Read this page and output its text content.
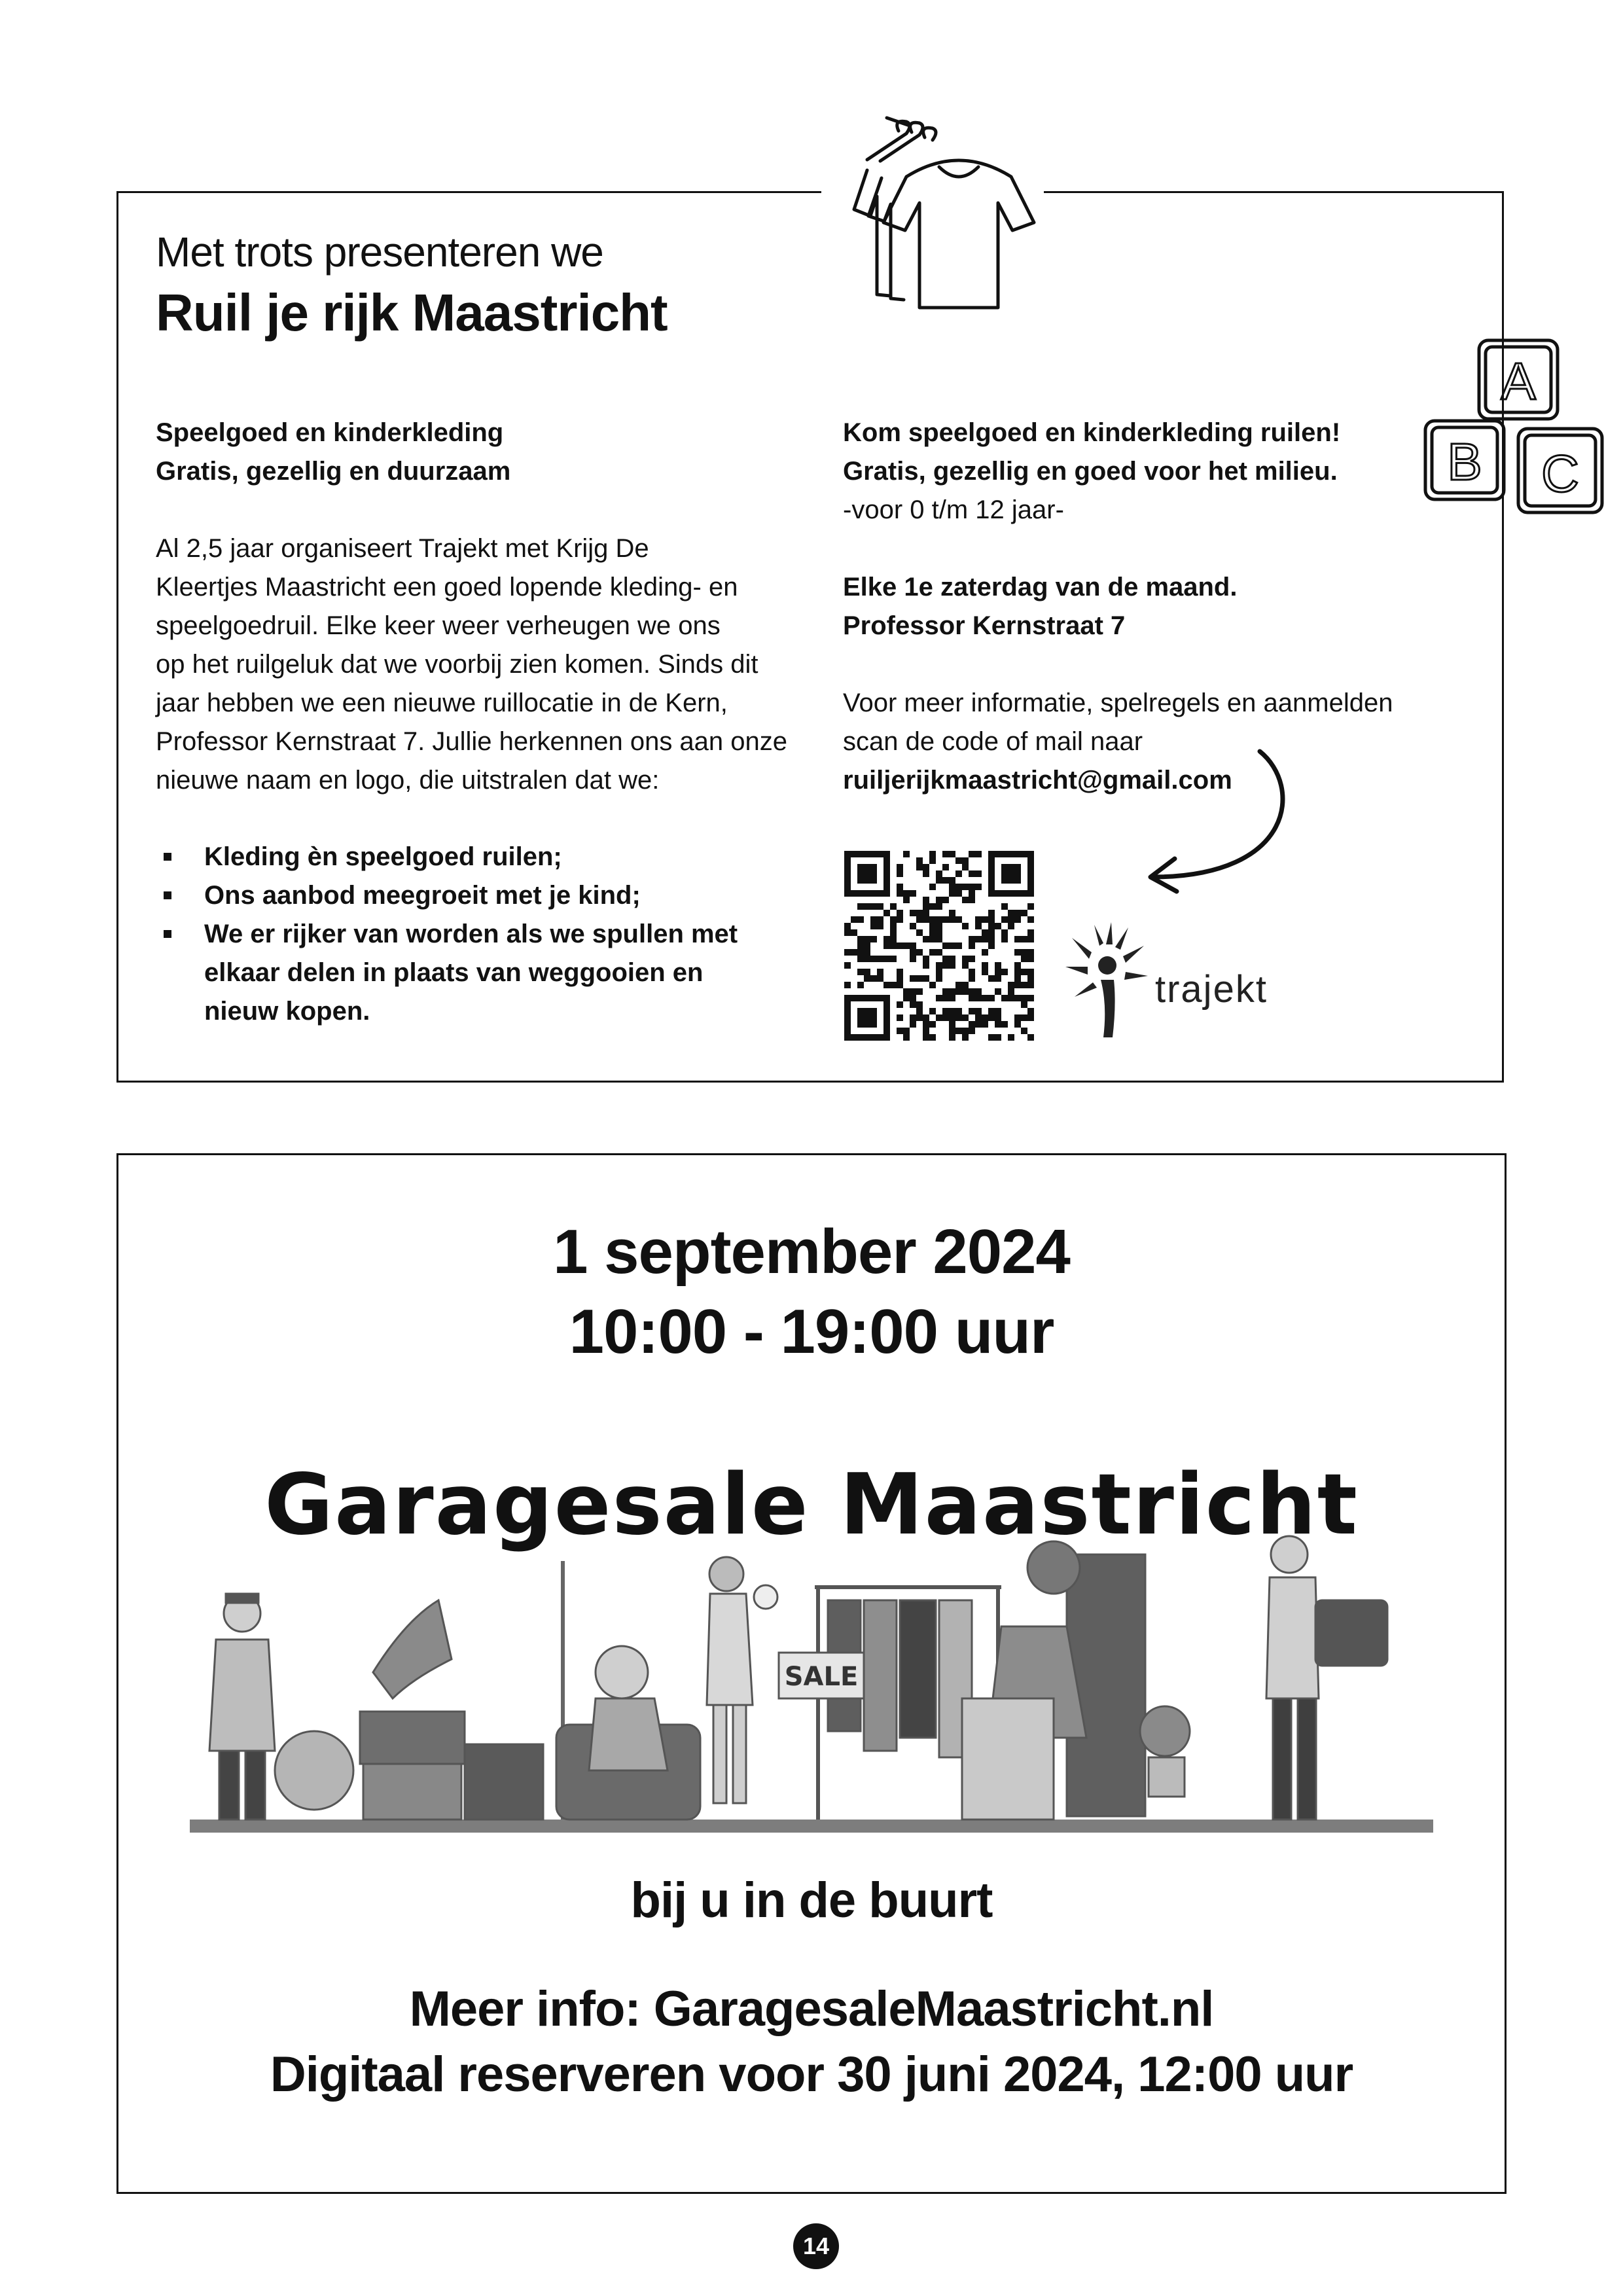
A
B C
Met trots presenteren we
Ruil je rijk Maastricht

Speelgoed en kinderkleding

Gratis, gezellig en duurzaam

Al 2,5 jaar organiseert Trajekt met Krijg De

Kleertjes Maastricht een goed lopende kleding- en

speelgoedruil. Elke keer weer verheugen we ons

op het ruilgeluk dat we voorbij zien komen. Sinds dit

jaar hebben we een nieuwe ruillocatie in de Kern,

Professor Kernstraat 7. Jullie herkennen ons aan onze

nieuwe naam en logo, die uitstralen dat we:

Kleding èn speelgoed ruilen;
Ons aanbod meegroeit met je kind;
We er rijker van worden als we spullen met elkaar delen in plaats van weggooien en nieuw kopen.

Kom speelgoed en kinderkleding ruilen!

Gratis, gezellig en goed voor het milieu.

-voor 0 t/m 12 jaar-

Elke 1e zaterdag van de maand.

Professor Kernstraat 7

Voor meer informatie, spelregels en aanmelden

scan de code of mail naar

ruiljerijkmaastricht@gmail.com

trajekt
1 september 2024
10:00 - 19:00 uur
SALE
Garagesale Maastricht
bij u in de buurt
Meer info: GaragesaleMaastricht.nl
Digitaal reserveren voor 30 juni 2024, 12:00 uur
14
